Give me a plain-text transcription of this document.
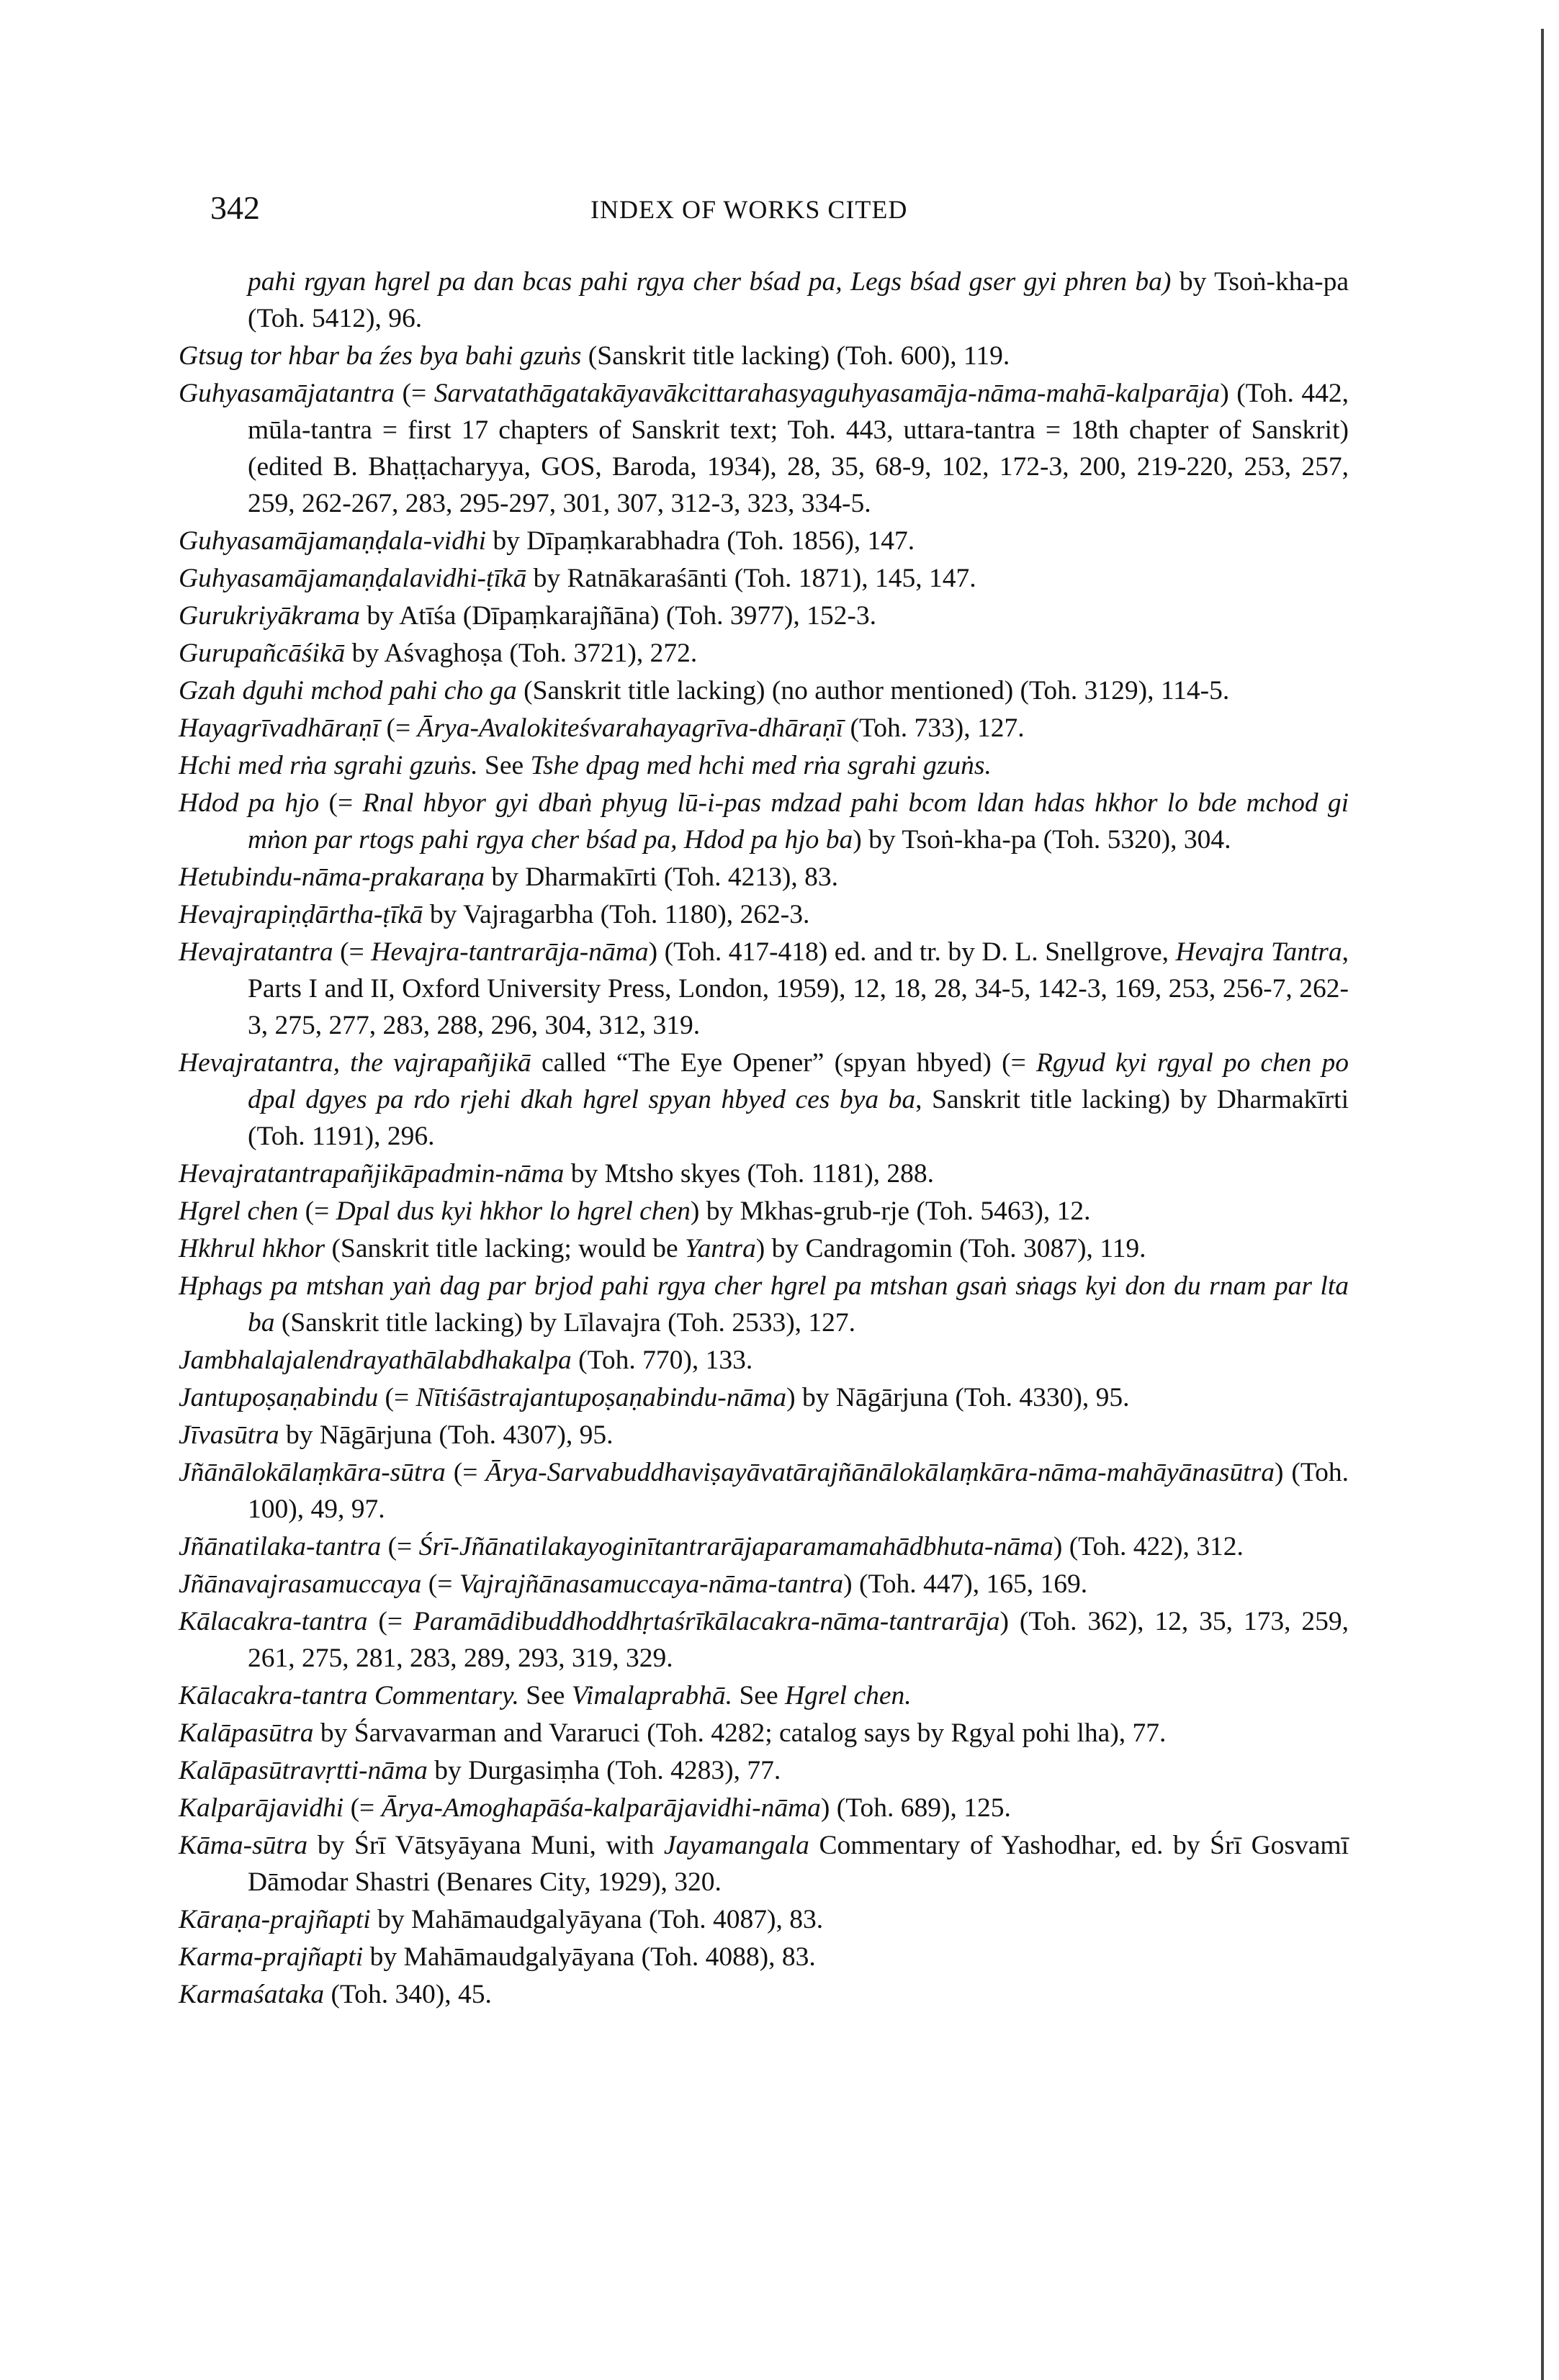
342	INDEX OF WORKS CITED

pahi rgyan hgrel pa dan bcas pahi rgya cher bśad pa, Legs bśad gser gyi phren ba) by Tsoṅ-kha-pa (Toh. 5412), 96.

Gtsug tor hbar ba źes bya bahi gzuṅs (Sanskrit title lacking) (Toh. 600), 119.

Guhyasamājatantra (= Sarvatathāgatakāyavākcittarahasyaguhyasamāja-nāma-mahā-kalparāja) (Toh. 442, mūla-tantra = first 17 chapters of Sanskrit text; Toh. 443, uttara-tantra = 18th chapter of Sanskrit) (edited B. Bhaṭṭacharyya, GOS, Baroda, 1934), 28, 35, 68-9, 102, 172-3, 200, 219-220, 253, 257, 259, 262-267, 283, 295-297, 301, 307, 312-3, 323, 334-5.

Guhyasamājamaṇḍala-vidhi by Dīpaṃkarabhadra (Toh. 1856), 147.

Guhyasamājamaṇḍalavidhi-ṭīkā by Ratnākaraśānti (Toh. 1871), 145, 147.

Gurukriyākrama by Atīśa (Dīpaṃkarajñāna) (Toh. 3977), 152-3.

Gurupañcāśikā by Aśvaghoṣa (Toh. 3721), 272.

Gzah dguhi mchod pahi cho ga (Sanskrit title lacking) (no author mentioned) (Toh. 3129), 114-5.

Hayagrīvadhāraṇī (= Ārya-Avalokiteśvarahayagrīva-dhāraṇī (Toh. 733), 127.

Hchi med rṅa sgrahi gzuṅs. See Tshe dpag med hchi med rṅa sgrahi gzuṅs.

Hdod pa hjo (= Rnal hbyor gyi dbaṅ phyug lū-i-pas mdzad pahi bcom ldan hdas hkhor lo bde mchod gi mṅon par rtogs pahi rgya cher bśad pa, Hdod pa hjo ba) by Tsoṅ-kha-pa (Toh. 5320), 304.

Hetubindu-nāma-prakaraṇa by Dharmakīrti (Toh. 4213), 83.

Hevajrapiṇḍārtha-ṭīkā by Vajragarbha (Toh. 1180), 262-3.

Hevajratantra (= Hevajra-tantrarāja-nāma) (Toh. 417-418) ed. and tr. by D. L. Snellgrove, Hevajra Tantra, Parts I and II, Oxford University Press, London, 1959), 12, 18, 28, 34-5, 142-3, 169, 253, 256-7, 262-3, 275, 277, 283, 288, 296, 304, 312, 319.

Hevajratantra, the vajrapañjikā called “The Eye Opener” (spyan hbyed) (= Rgyud kyi rgyal po chen po dpal dgyes pa rdo rjehi dkah hgrel spyan hbyed ces bya ba, Sanskrit title lacking) by Dharmakīrti (Toh. 1191), 296.

Hevajratantrapañjikāpadmin-nāma by Mtsho skyes (Toh. 1181), 288.

Hgrel chen (= Dpal dus kyi hkhor lo hgrel chen) by Mkhas-grub-rje (Toh. 5463), 12.

Hkhrul hkhor (Sanskrit title lacking; would be Yantra) by Candragomin (Toh. 3087), 119.

Hphags pa mtshan yaṅ dag par brjod pahi rgya cher hgrel pa mtshan gsaṅ sṅags kyi don du rnam par lta ba (Sanskrit title lacking) by Līlavajra (Toh. 2533), 127.

Jambhalajalendrayathālabdhakalpa (Toh. 770), 133.

Jantupoṣaṇabindu (= Nītiśāstrajantupoṣaṇabindu-nāma) by Nāgārjuna (Toh. 4330), 95.

Jīvasūtra by Nāgārjuna (Toh. 4307), 95.

Jñānālokālaṃkāra-sūtra (= Ārya-Sarvabuddhaviṣayāvatārajñānālokālaṃkāra-nāma-mahāyānasūtra) (Toh. 100), 49, 97.

Jñānatilaka-tantra (= Śrī-Jñānatilakayoginītantrarājaparamamahādbhuta-nāma) (Toh. 422), 312.

Jñānavajrasamuccaya (= Vajrajñānasamuccaya-nāma-tantra) (Toh. 447), 165, 169.

Kālacakra-tantra (= Paramādibuddhoddhṛtaśrīkālacakra-nāma-tantrarāja) (Toh. 362), 12, 35, 173, 259, 261, 275, 281, 283, 289, 293, 319, 329.

Kālacakra-tantra Commentary. See Vimalaprabhā. See Hgrel chen.

Kalāpasūtra by Śarvavarman and Vararuci (Toh. 4282; catalog says by Rgyal pohi lha), 77.

Kalāpasūtravṛtti-nāma by Durgasiṃha (Toh. 4283), 77.

Kalparājavidhi (= Ārya-Amoghapāśa-kalparājavidhi-nāma) (Toh. 689), 125.

Kāma-sūtra by Śrī Vātsyāyana Muni, with Jayamangala Commentary of Yashodhar, ed. by Śrī Gosvamī Dāmodar Shastri (Benares City, 1929), 320.

Kāraṇa-prajñapti by Mahāmaudgalyāyana (Toh. 4087), 83.

Karma-prajñapti by Mahāmaudgalyāyana (Toh. 4088), 83.

Karmaśataka (Toh. 340), 45.
